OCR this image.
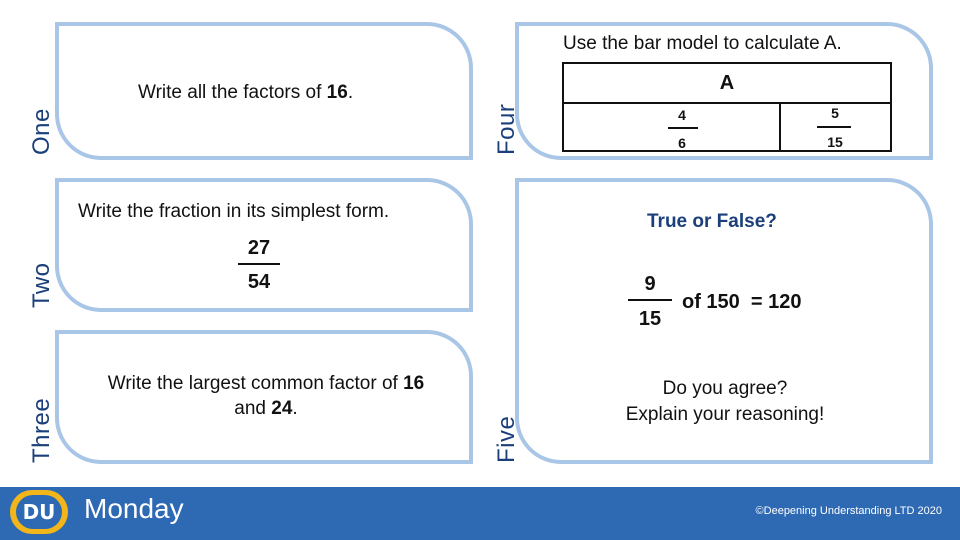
One
Write all the factors of 16.
Two
Write the fraction in its simplest form.
27
54
Three
Write the largest common factor of 16
and 24.
Four
Use the bar model to calculate A.
A
4
6
5
15
Five
True or False?
9
15
of 150  = 120
Do you agree?
Explain your reasoning!
DU Monday	©Deepening Understanding LTD 2020
